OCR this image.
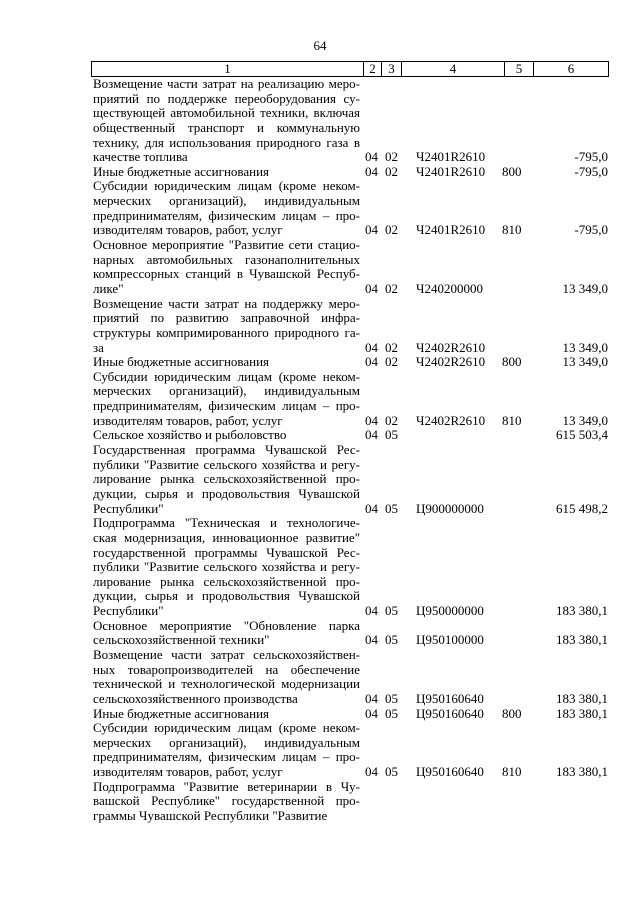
64
1	2 3	4	5	6
Возмещение части затрат на реализацию меро-
приятий по поддержке переоборудования су-
ществующей автомобильной техники, включая
общественный транспорт и коммунальную
технику, для использования природного газа в
качестве топлива	04 02 Ч2401R2610	-795,0
Иные бюджетные ассигнования	04 02 Ч2401R2610 800	-795,0
Субсидии юридическим лицам (кроме неком-
мерческих организаций), индивидуальным
предпринимателям, физическим лицам – про-
изводителям товаров, работ, услуг	04 02 Ч2401R2610 810	-795,0
Основное мероприятие "Развитие сети стацио-
нарных автомобильных газонаполнительных
компрессорных станций в Чувашской Респуб-
лике"	04 02 Ч240200000	13 349,0
Возмещение части затрат на поддержку меро-
приятий по развитию заправочной инфра-
структуры компримированного природного га-
за	04 02 Ч2402R2610	13 349,0
Иные бюджетные ассигнования	04 02 Ч2402R2610 800	13 349,0
Субсидии юридическим лицам (кроме неком-
мерческих организаций), индивидуальным
предпринимателям, физическим лицам – про-
изводителям товаров, работ, услуг	04 02 Ч2402R2610 810	13 349,0
Сельское хозяйство и рыболовство	04 05	615 503,4
Государственная программа Чувашской Рес-
публики "Развитие сельского хозяйства и регу-
лирование рынка сельскохозяйственной про-
дукции, сырья и продовольствия Чувашской
Республики"	04 05 Ц900000000	615 498,2
Подпрограмма "Техническая и технологиче-
ская модернизация, инновационное развитие"
государственной программы Чувашской Рес-
публики "Развитие сельского хозяйства и регу-
лирование рынка сельскохозяйственной про-
дукции, сырья и продовольствия Чувашской
Республики"	04 05 Ц950000000	183 380,1
Основное мероприятие "Обновление парка
сельскохозяйственной техники"	04 05 Ц950100000	183 380,1
Возмещение части затрат сельскохозяйствен-
ных товаропроизводителей на обеспечение
технической и технологической модернизации
сельскохозяйственного производства	04 05 Ц950160640	183 380,1
Иные бюджетные ассигнования	04 05 Ц950160640 800	183 380,1
Субсидии юридическим лицам (кроме неком-
мерческих организаций), индивидуальным
предпринимателям, физическим лицам – про-
изводителям товаров, работ, услуг	04 05 Ц950160640 810	183 380,1
Подпрограмма "Развитие ветеринарии в Чу-
вашской Республике" государственной про-
граммы Чувашской Республики "Развитие
